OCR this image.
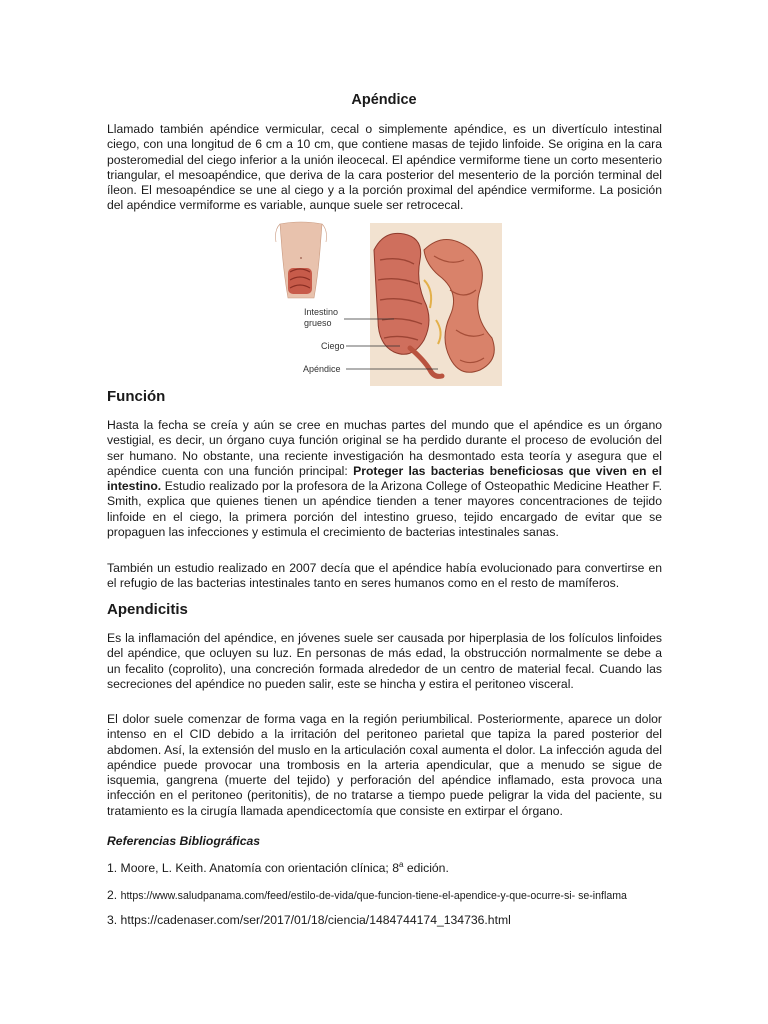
Apéndice

Llamado también apéndice vermicular, cecal o simplemente apéndice, es un divertículo intestinal ciego, con una longitud de 6 cm a 10 cm, que contiene masas de tejido linfoide. Se origina en la cara posteromedial del ciego inferior a la unión ileocecal. El apéndice vermiforme tiene un corto mesenterio triangular, el mesoapéndice, que deriva de la cara posterior del mesenterio de la porción terminal del íleon. El mesoapéndice se une al ciego y a la porción proximal del apéndice vermiforme. La posición del apéndice vermiforme es variable, aunque suele ser retrocecal.

Intestino
grueso
Ciego
Apéndice
Función

Hasta la fecha se creía y aún se cree en muchas partes del mundo que el apéndice es un órgano vestigial, es decir, un órgano cuya función original se ha perdido durante el proceso de evolución del ser humano. No obstante, una reciente investigación ha desmontado esta teoría y asegura que el apéndice cuenta con una función principal: Proteger las bacterias beneficiosas que viven en el intestino. Estudio realizado por la profesora de la Arizona College of Osteopathic Medicine Heather F. Smith, explica que quienes tienen un apéndice tienden a tener mayores concentraciones de tejido linfoide en el ciego, la primera porción del intestino grueso, tejido encargado de evitar que se propaguen las infecciones y estimula el crecimiento de bacterias intestinales sanas.

También un estudio realizado en 2007 decía que el apéndice había evolucionado para convertirse en el refugio de las bacterias intestinales tanto en seres humanos como en el resto de mamíferos.

Apendicitis

Es la inflamación del apéndice, en jóvenes suele ser causada por hiperplasia de los folículos linfoides del apéndice, que ocluyen su luz. En personas de más edad, la obstrucción normalmente se debe a un fecalito (coprolito), una concreción formada alrededor de un centro de material fecal. Cuando las secreciones del apéndice no pueden salir, este se hincha y estira el peritoneo visceral.

El dolor suele comenzar de forma vaga en la región periumbilical. Posteriormente, aparece un dolor intenso en el CID debido a la irritación del peritoneo parietal que tapiza la pared posterior del abdomen. Así, la extensión del muslo en la articulación coxal aumenta el dolor. La infección aguda del apéndice puede provocar una trombosis en la arteria apendicular, que a menudo se sigue de isquemia, gangrena (muerte del tejido) y perforación del apéndice inflamado, esta provoca una infección en el peritoneo (peritonitis), de no tratarse a tiempo puede peligrar la vida del paciente, su tratamiento es la cirugía llamada apendicectomía que consiste en extirpar el órgano.

Referencias Bibliográficas

1. Moore, L. Keith. Anatomía con orientación clínica; 8$^a$ edición.

2. https://www.saludpanama.com/feed/estilo-de-vida/que-funcion-tiene-el-apendice-y-que-ocurre-si- se-inflama

3. https://cadenaser.com/ser/2017/01/18/ciencia/1484744174_134736.html
